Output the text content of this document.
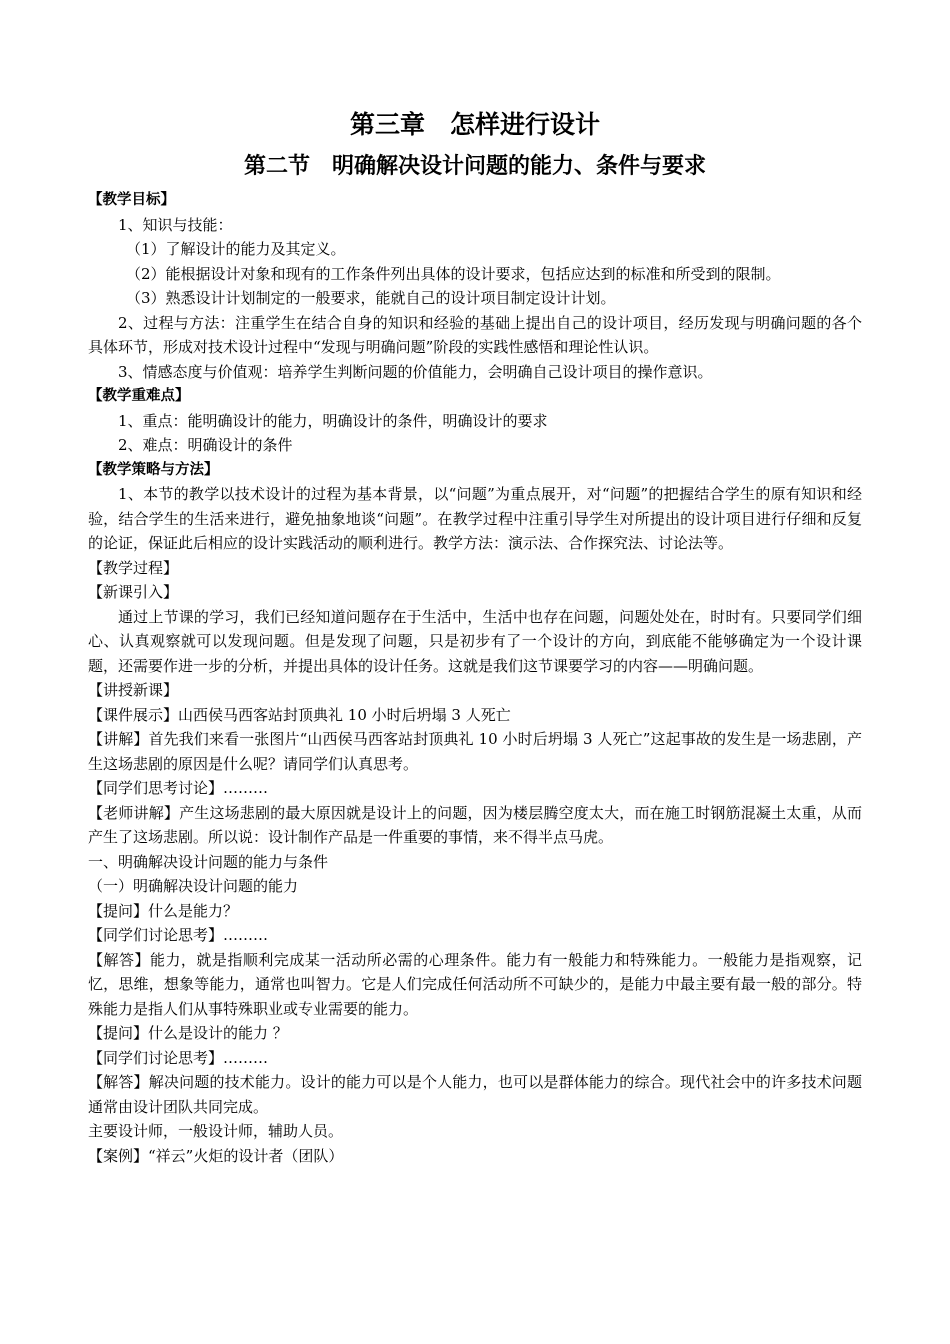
第三章　怎样进行设计
第二节　明确解决设计问题的能力、条件与要求

【教学目标】

1、知识与技能：

（1）了解设计的能力及其定义。

（2）能根据设计对象和现有的工作条件列出具体的设计要求，包括应达到的标准和所受到的限制。

（3）熟悉设计计划制定的一般要求，能就自己的设计项目制定设计计划。

2、过程与方法：注重学生在结合自身的知识和经验的基础上提出自己的设计项目，经历发现与明确问题的各个具体环节，形成对技术设计过程中“发现与明确问题”阶段的实践性感悟和理论性认识。

3、情感态度与价值观：培养学生判断问题的价值能力，会明确自己设计项目的操作意识。

【教学重难点】

1、重点：能明确设计的能力，明确设计的条件，明确设计的要求

2、难点：明确设计的条件

【教学策略与方法】

1、本节的教学以技术设计的过程为基本背景，以“问题”为重点展开，对“问题”的把握结合学生的原有知识和经验，结合学生的生活来进行，避免抽象地谈“问题”。在教学过程中注重引导学生对所提出的设计项目进行仔细和反复的论证，保证此后相应的设计实践活动的顺利进行。教学方法：演示法、合作探究法、讨论法等。

【教学过程】

【新课引入】

通过上节课的学习，我们已经知道问题存在于生活中，生活中也存在问题，问题处处在，时时有。只要同学们细心、认真观察就可以发现问题。但是发现了问题，只是初步有了一个设计的方向，到底能不能够确定为一个设计课题，还需要作进一步的分析，并提出具体的设计任务。这就是我们这节课要学习的内容——明确问题。

【讲授新课】

【课件展示】山西侯马西客站封顶典礼 10 小时后坍塌 3 人死亡

【讲解】首先我们来看一张图片“山西侯马西客站封顶典礼 10 小时后坍塌 3 人死亡”这起事故的发生是一场悲剧，产生这场悲剧的原因是什么呢？请同学们认真思考。

【同学们思考讨论】………

【老师讲解】产生这场悲剧的最大原因就是设计上的问题，因为楼层腾空度太大，而在施工时钢筋混凝土太重，从而产生了这场悲剧。所以说：设计制作产品是一件重要的事情，来不得半点马虎。

一、明确解决设计问题的能力与条件

（一）明确解决设计问题的能力

【提问】什么是能力？

【同学们讨论思考】………

【解答】能力，就是指顺利完成某一活动所必需的心理条件。能力有一般能力和特殊能力。一般能力是指观察，记忆，思维，想象等能力，通常也叫智力。它是人们完成任何活动所不可缺少的，是能力中最主要有最一般的部分。特殊能力是指人们从事特殊职业或专业需要的能力。

【提问】什么是设计的能力 ？

【同学们讨论思考】………

【解答】解决问题的技术能力。设计的能力可以是个人能力，也可以是群体能力的综合。现代社会中的许多技术问题通常由设计团队共同完成。

主要设计师，一般设计师，辅助人员。

【案例】“祥云”火炬的设计者（团队）
